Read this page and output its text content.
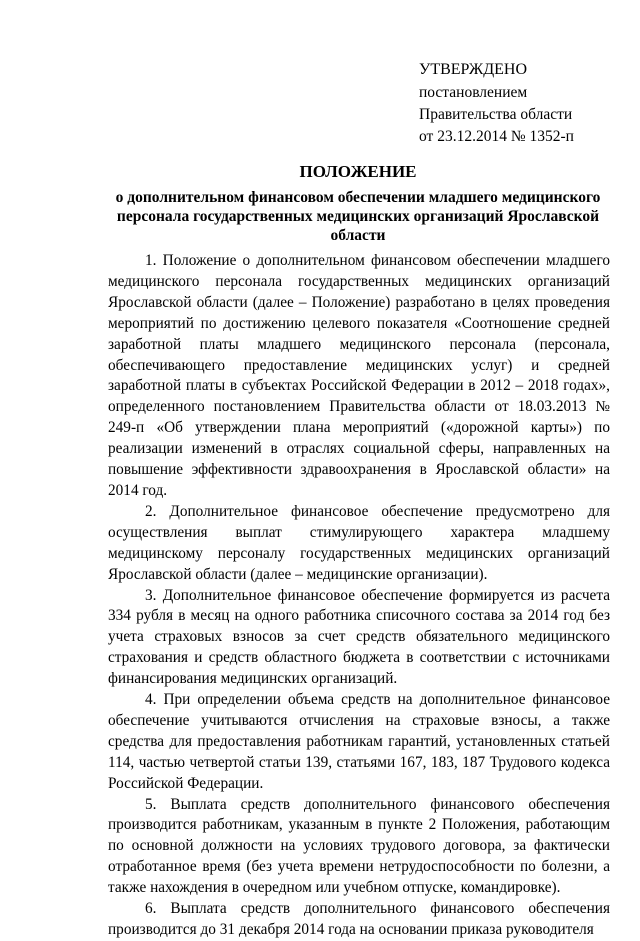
УТВЕРЖДЕНО
постановлением
Правительства области
от 23.12.2014 № 1352-п
ПОЛОЖЕНИЕ
о дополнительном финансовом обеспечении младшего медицинского персонала государственных медицинских организаций Ярославской области

1. Положение о дополнительном финансовом обеспечении младшего медицинского персонала государственных медицинских организаций Ярославской области (далее – Положение) разработано в целях проведения мероприятий по достижению целевого показателя «Соотношение средней заработной платы младшего медицинского персонала (персонала, обеспечивающего предоставление медицинских услуг) и средней заработной платы в субъектах Российской Федерации в 2012 – 2018 годах», определенного постановлением Правительства области от 18.03.2013 № 249-п «Об утверждении плана мероприятий («дорожной карты») по реализации изменений в отраслях социальной сферы, направленных на повышение эффективности здравоохранения в Ярославской области» на 2014 год.

2. Дополнительное финансовое обеспечение предусмотрено для осуществления выплат стимулирующего характера младшему медицинскому персоналу государственных медицинских организаций Ярославской области (далее – медицинские организации).

3. Дополнительное финансовое обеспечение формируется из расчета 334 рубля в месяц на одного работника списочного состава за 2014 год без учета страховых взносов за счет средств обязательного медицинского страхования и средств областного бюджета в соответствии с источниками финансирования медицинских организаций.

4. При определении объема средств на дополнительное финансовое обеспечение учитываются отчисления на страховые взносы, а также средства для предоставления работникам гарантий, установленных статьей 114, частью четвертой статьи 139, статьями 167, 183, 187 Трудового кодекса Российской Федерации.

5. Выплата средств дополнительного финансового обеспечения производится работникам, указанным в пункте 2 Положения, работающим по основной должности на условиях трудового договора, за фактически отработанное время (без учета времени нетрудоспособности по болезни, а также нахождения в очередном или учебном отпуске, командировке).

6. Выплата средств дополнительного финансового обеспечения производится до 31 декабря 2014 года на основании приказа руководителя
